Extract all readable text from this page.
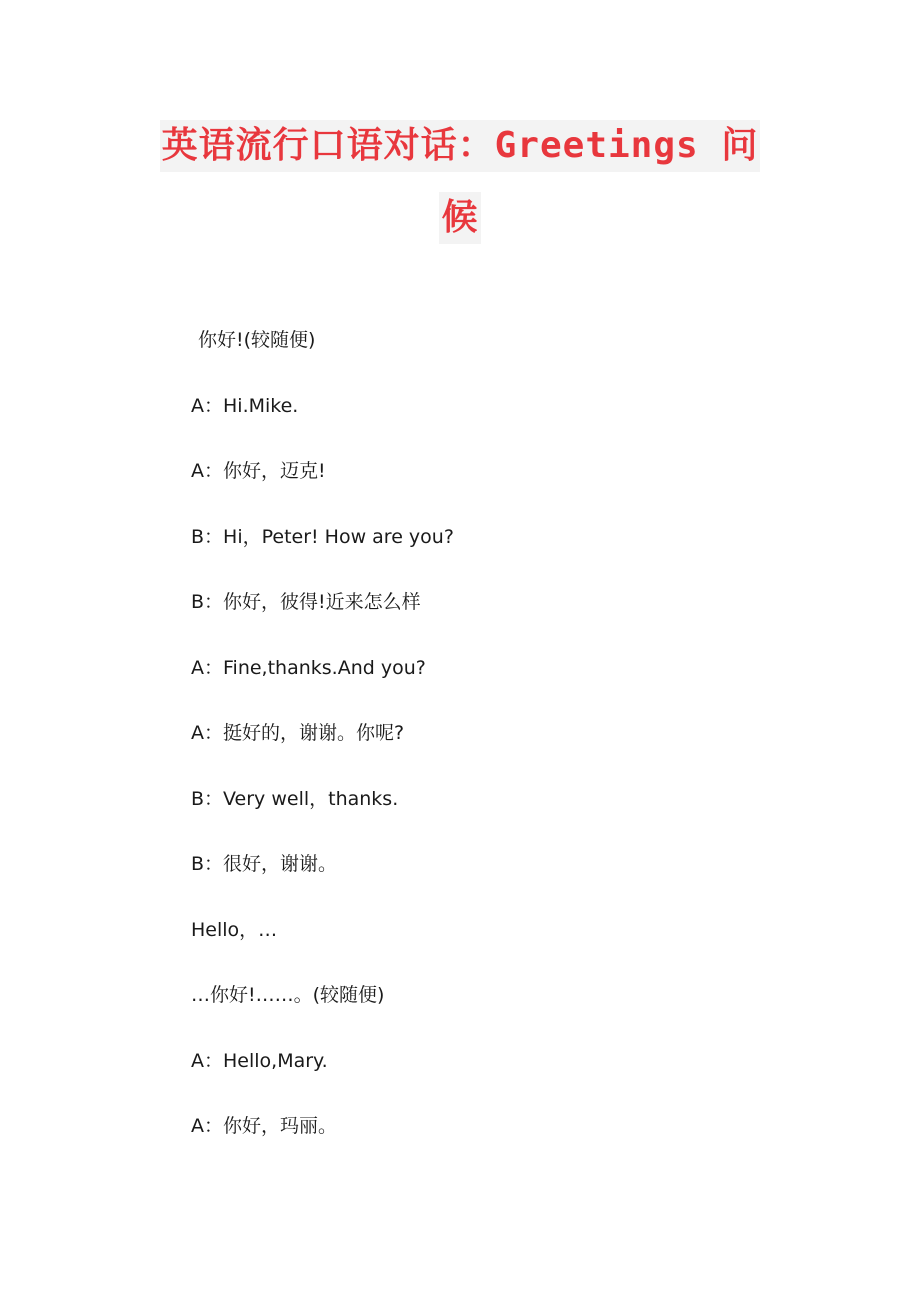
英语流行口语对话：Greetings 问
候
你好!(较随便)
A：Hi.Mike.
A：你好，迈克!
B：Hi，Peter! How are you?
B：你好，彼得!近来怎么样
A：Fine,thanks.And you?
A：挺好的，谢谢。你呢?
B：Very well，thanks.
B：很好，谢谢。
Hello，…
…你好!……。(较随便)
A：Hello,Mary.
A：你好，玛丽。
